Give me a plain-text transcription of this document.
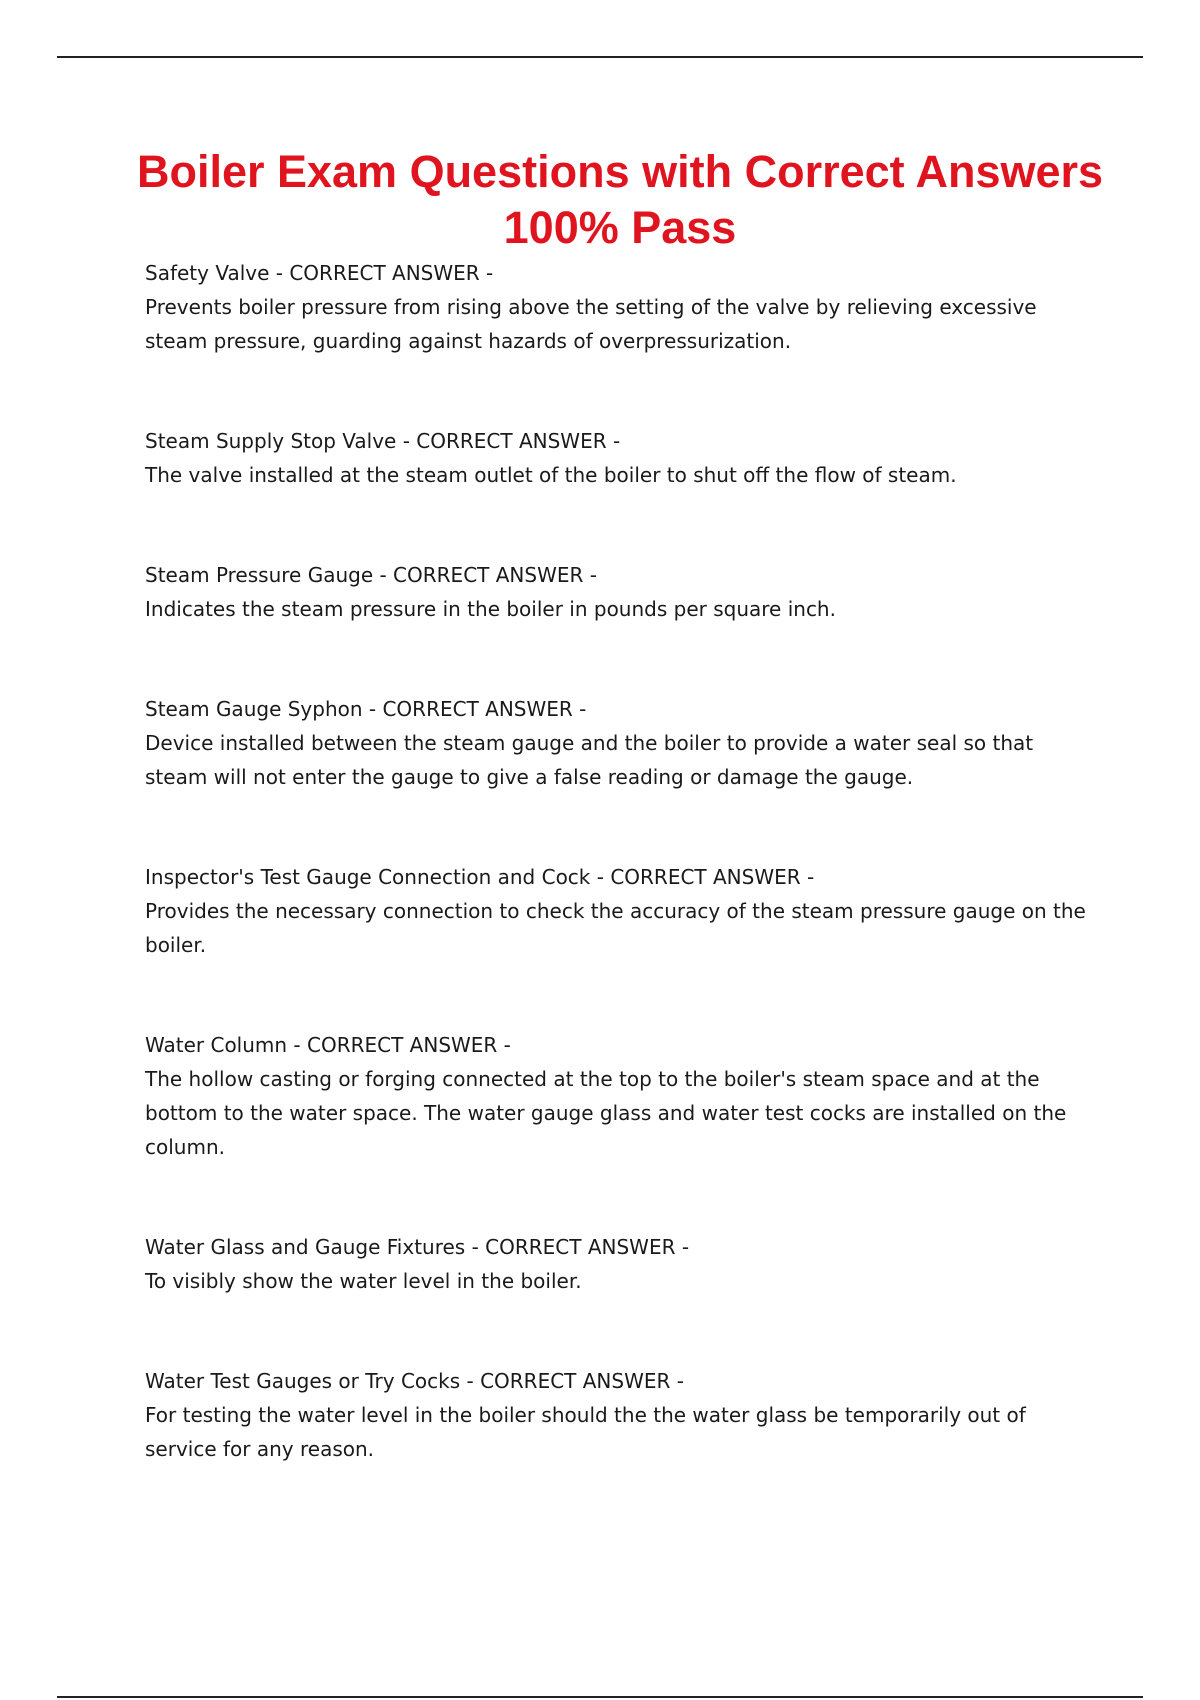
Boiler Exam Questions with Correct Answers 100% Pass
Safety Valve - CORRECT ANSWER -

Prevents boiler pressure from rising above the setting of the valve by relieving excessive steam pressure, guarding against hazards of overpressurization.

Steam Supply Stop Valve - CORRECT ANSWER -

The valve installed at the steam outlet of the boiler to shut off the flow of steam.

Steam Pressure Gauge - CORRECT ANSWER -

Indicates the steam pressure in the boiler in pounds per square inch.

Steam Gauge Syphon - CORRECT ANSWER -

Device installed between the steam gauge and the boiler to provide a water seal so that steam will not enter the gauge to give a false reading or damage the gauge.

Inspector's Test Gauge Connection and Cock - CORRECT ANSWER -

Provides the necessary connection to check the accuracy of the steam pressure gauge on the boiler.

Water Column - CORRECT ANSWER -

The hollow casting or forging connected at the top to the boiler's steam space and at the bottom to the water space. The water gauge glass and water test cocks are installed on the column.

Water Glass and Gauge Fixtures - CORRECT ANSWER -

To visibly show the water level in the boiler.

Water Test Gauges or Try Cocks - CORRECT ANSWER -

For testing the water level in the boiler should the the water glass be temporarily out of service for any reason.
